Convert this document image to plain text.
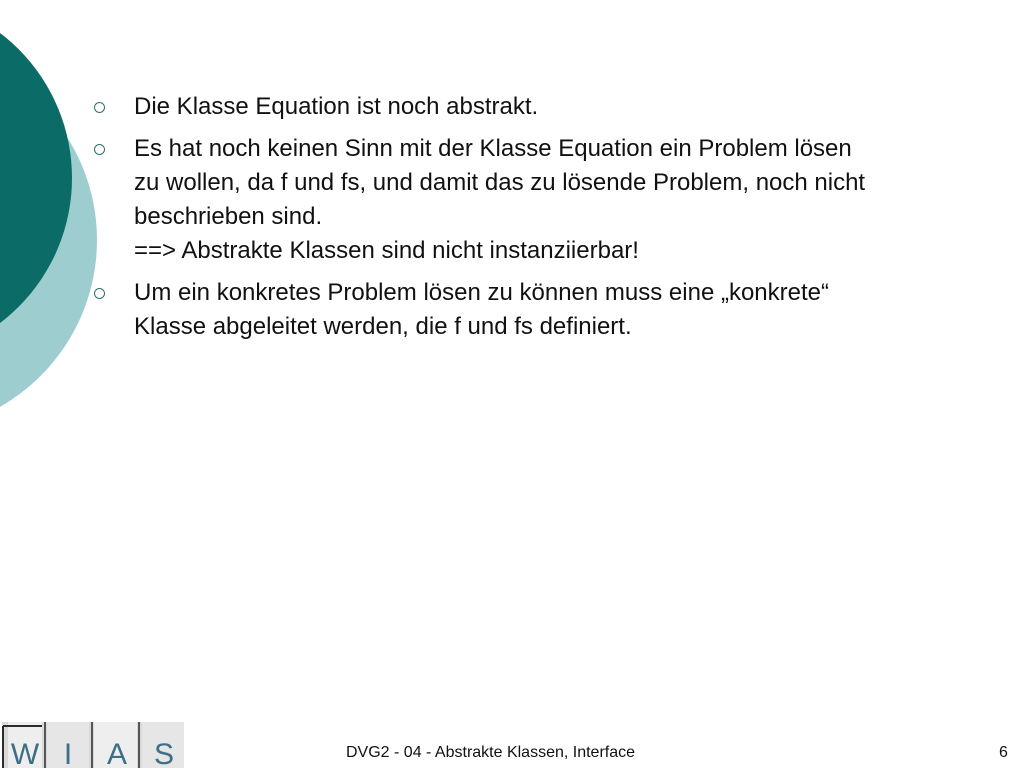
Die Klasse Equation ist noch abstrakt.
Es hat noch keinen Sinn mit der Klasse Equation ein Problem lösen
zu wollen, da f und fs, und damit das zu lösende Problem, noch nicht
beschrieben sind.
==> Abstrakte Klassen sind nicht instanziierbar!
Um ein konkretes Problem lösen zu können muss eine „konkrete“
Klasse abgeleitet werden, die f und fs definiert.
W I A S	DVG2 - 04 - Abstrakte Klassen, Interface	6
